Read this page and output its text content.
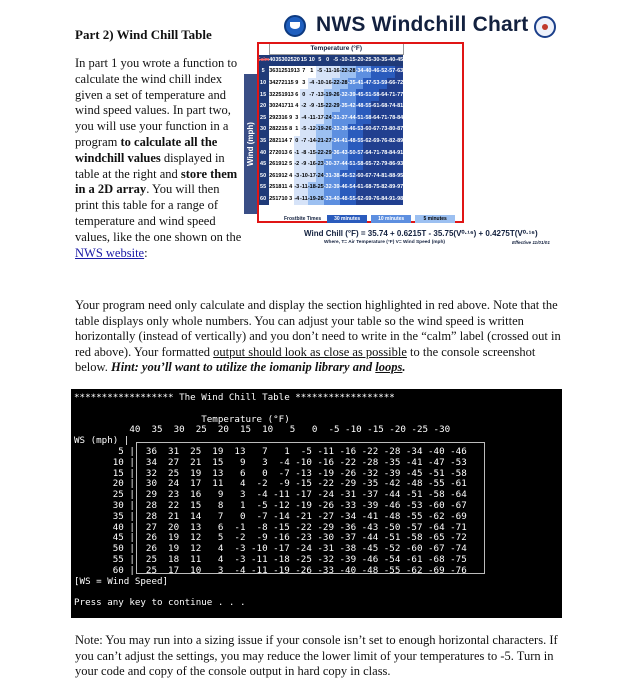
Part 2) Wind Chill Table
In part 1 you wrote a function to calculate the wind chill index given a set of temperature and wind speed values. In part two, you will use your function in a program to calculate all the windchill values displayed in table at the right and store them in a 2D array. You will then print this table for a range of temperature and wind speed values, like the one shown on the NWS website:
NWS Windchill Chart
Wind (mph)
	Temperature (°F)																	
Calm	40	35	30	25	20	15	10	5	0	-5	-10	-15	-20	-25	-30	-35	-40	-45
5	36	31	25	19	13	7	1	-5	-11	-16	-22	-28	-34	-40	-46	-52	-57	-63
10	34	27	21	15	9	3	-4	-10	-16	-22	-28	-35	-41	-47	-53	-59	-66	-72
15	32	25	19	13	6	0	-7	-13	-19	-26	-32	-39	-45	-51	-58	-64	-71	-77
20	30	24	17	11	4	-2	-9	-15	-22	-29	-35	-42	-48	-55	-61	-68	-74	-81
25	29	23	16	9	3	-4	-11	-17	-24	-31	-37	-44	-51	-58	-64	-71	-78	-84
30	28	22	15	8	1	-5	-12	-19	-26	-33	-39	-46	-53	-60	-67	-73	-80	-87
35	28	21	14	7	0	-7	-14	-21	-27	-34	-41	-48	-55	-62	-69	-76	-82	-89
40	27	20	13	6	-1	-8	-15	-22	-29	-36	-43	-50	-57	-64	-71	-78	-84	-91
45	26	19	12	5	-2	-9	-16	-23	-30	-37	-44	-51	-58	-65	-72	-79	-86	-93
50	26	19	12	4	-3	-10	-17	-24	-31	-38	-45	-52	-60	-67	-74	-81	-88	-95
55	25	18	11	4	-3	-11	-18	-25	-32	-39	-46	-54	-61	-68	-75	-82	-89	-97
60	25	17	10	3	-4	-11	-19	-26	-33	-40	-48	-55	-62	-69	-76	-84	-91	-98
Frostbite Times	30 minutes	10 minutes	5 minutes
Wind Chill (°F) = 35.74 + 0.6215T - 35.75(V⁰·¹⁶) + 0.4275T(V⁰·¹⁶)
Where, T= Air Temperature (°F) V= Wind Speed (mph)	Effective 11/01/01
Your program need only calculate and display the section highlighted in red above. Note that the table displays only whole numbers. You can adjust your table so the wind speed is written horizontally (instead of vertically) and you don’t need to write in the “calm” label (crossed out in red above). Your formatted output should look as close as possible to the console screenshot below. Hint: you’ll want to utilize the iomanip library and loops.
****************** The Wind Chill Table ******************

Temperature (°F)
40  35  30  25  20  15  10   5   0  -5 -10 -15 -20 -25 -30
WS (mph) |
5 |  36  31  25  19  13   7   1  -5 -11 -16 -22 -28 -34 -40 -46
10 |  34  27  21  15   9   3  -4 -10 -16 -22 -28 -35 -41 -47 -53
15 |  32  25  19  13   6   0  -7 -13 -19 -26 -32 -39 -45 -51 -58
20 |  30  24  17  11   4  -2  -9 -15 -22 -29 -35 -42 -48 -55 -61
25 |  29  23  16   9   3  -4 -11 -17 -24 -31 -37 -44 -51 -58 -64
30 |  28  22  15   8   1  -5 -12 -19 -26 -33 -39 -46 -53 -60 -67
35 |  28  21  14   7   0  -7 -14 -21 -27 -34 -41 -48 -55 -62 -69
40 |  27  20  13   6  -1  -8 -15 -22 -29 -36 -43 -50 -57 -64 -71
45 |  26  19  12   5  -2  -9 -16 -23 -30 -37 -44 -51 -58 -65 -72
50 |  26  19  12   4  -3 -10 -17 -24 -31 -38 -45 -52 -60 -67 -74
55 |  25  18  11   4  -3 -11 -18 -25 -32 -39 -46 -54 -61 -68 -75
60 |  25  17  10   3  -4 -11 -19 -26 -33 -40 -48 -55 -62 -69 -76
[WS = Wind Speed]

Press any key to continue . . .
Note: You may run into a sizing issue if your console isn’t set to enough horizontal characters. If you can’t adjust the settings, you may reduce the lower limit of your temperatures to -5. Turn in your code and copy of the console output in hard copy in class.
